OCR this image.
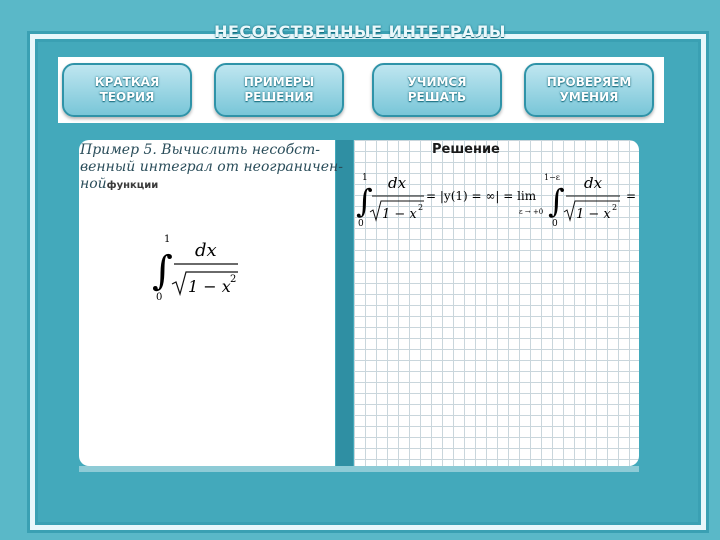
НЕСОБСТВЕННЫЕ ИНТЕГРАЛЫ
КРАТКАЯ
ТЕОРИЯ
ПРИМЕРЫ
РЕШЕНИЯ
УЧИМСЯ
РЕШАТЬ
ПРОВЕРЯЕМ
УМЕНИЯ
Пример 5. Вычислить несобст-
венный интеграл от неограничен-
нойфункции
1
∫
0
dx
1 − x 2
Решение
1
∫
0
dx
1 − x 2
= |y(1) = ∞| = lim
ε → +0
1−ε
∫
0
dx
1 − x 2
=
